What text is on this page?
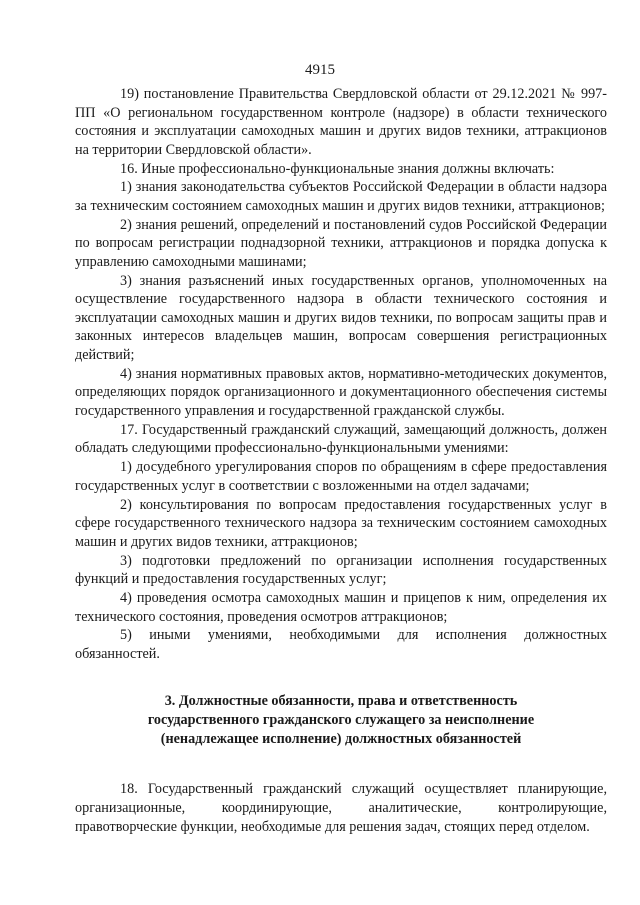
4915

19) постановление Правительства Свердловской области от 29.12.2021 № 997-ПП «О региональном государственном контроле (надзоре) в области технического состояния и эксплуатации самоходных машин и других видов техники, аттракционов на территории Свердловской области».

16. Иные профессионально-функциональные знания должны включать:

1) знания законодательства субъектов Российской Федерации в области надзора за техническим состоянием самоходных машин и других видов техники, аттракционов;

2) знания решений, определений и постановлений судов Российской Федерации по вопросам регистрации поднадзорной техники, аттракционов и порядка допуска к управлению самоходными машинами;

3) знания разъяснений иных государственных органов, уполномоченных на осуществление государственного надзора в области технического состояния и эксплуатации самоходных машин и других видов техники, по вопросам защиты прав и законных интересов владельцев машин, вопросам совершения регистрационных действий;

4) знания нормативных правовых актов, нормативно-методических документов, определяющих порядок организационного и документационного обеспечения системы государственного управления и государственной гражданской службы.

17. Государственный гражданский служащий, замещающий должность, должен обладать следующими профессионально-функциональными умениями:

1) досудебного урегулирования споров по обращениям в сфере предоставления государственных услуг в соответствии с возложенными на отдел задачами;

2) консультирования по вопросам предоставления государственных услуг в сфере государственного технического надзора за техническим состоянием самоходных машин и других видов техники, аттракционов;

3) подготовки предложений по организации исполнения государственных функций и предоставления государственных услуг;

4) проведения осмотра самоходных машин и прицепов к ним, определения их технического состояния, проведения осмотров аттракционов;

5) иными умениями, необходимыми для исполнения должностных обязанностей.

3. Должностные обязанности, права и ответственность
государственного гражданского служащего за неисполнение
(ненадлежащее исполнение) должностных обязанностей

18. Государственный гражданский служащий осуществляет планирующие, организационные, координирующие, аналитические, контролирующие, правотворческие функции, необходимые для решения задач, стоящих перед отделом.
